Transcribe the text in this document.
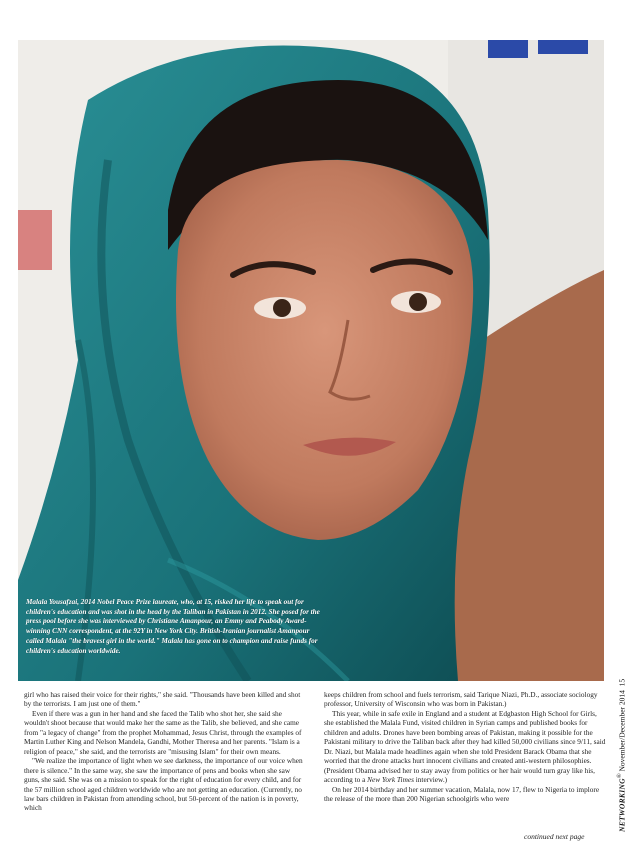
Malala Yousafzai, 2014 Nobel Peace Prize laureate, who, at 15, risked her life to speak out for children's education and was shot in the head by the Taliban in Pakistan in 2012. She posed for the press pool before she was interviewed by Christiane Amanpour, an Emmy and Peabody Award-winning CNN correspondent, at the 92Y in New York City. British-Iranian journalist Amanpour called Malala "the bravest girl in the world." Malala has gone on to champion and raise funds for children's education worldwide.

girl who has raised their voice for their rights," she said. "Thousands have been killed and shot by the terrorists. I am just one of them."

Even if there was a gun in her hand and she faced the Talib who shot her, she said she wouldn't shoot because that would make her the same as the Talib, she believed, and she came from "a legacy of change" from the prophet Mohammad, Jesus Christ, through the examples of Martin Luther King and Nelson Mandela, Gandhi, Mother Theresa and her parents. "Islam is a religion of peace," she said, and the terrorists are "misusing Islam" for their own means.

"We realize the importance of light when we see darkness, the importance of our voice when there is silence." In the same way, she saw the importance of pens and books when she saw guns, she said. She was on a mission to speak for the right of education for every child, and for the 57 million school aged children worldwide who are not getting an education. (Currently, no law bars children in Pakistan from attending school, but 50-percent of the nation is in poverty, which

keeps children from school and fuels terrorism, said Tarique Niazi, Ph.D., associate sociology professor, University of Wisconsin who was born in Pakistan.)

This year, while in safe exile in England and a student at Edgbaston High School for Girls, she established the Malala Fund, visited children in Syrian camps and published books for children and adults. Drones have been bombing areas of Pakistan, making it possible for the Pakistani military to drive the Taliban back after they had killed 50,000 civilians since 9/11, said Dr. Niazi, but Malala made headlines again when she told President Barack Obama that she worried that the drone attacks hurt innocent civilians and created anti-western philosophies. (President Obama advised her to stay away from politics or her hair would turn gray like his, according to a New York Times interview.)

On her 2014 birthday and her summer vacation, Malala, now 17, flew to Nigeria to implore the release of the more than 200 Nigerian schoolgirls who were

continued next page
NETWORKING® November/December 2014  15
